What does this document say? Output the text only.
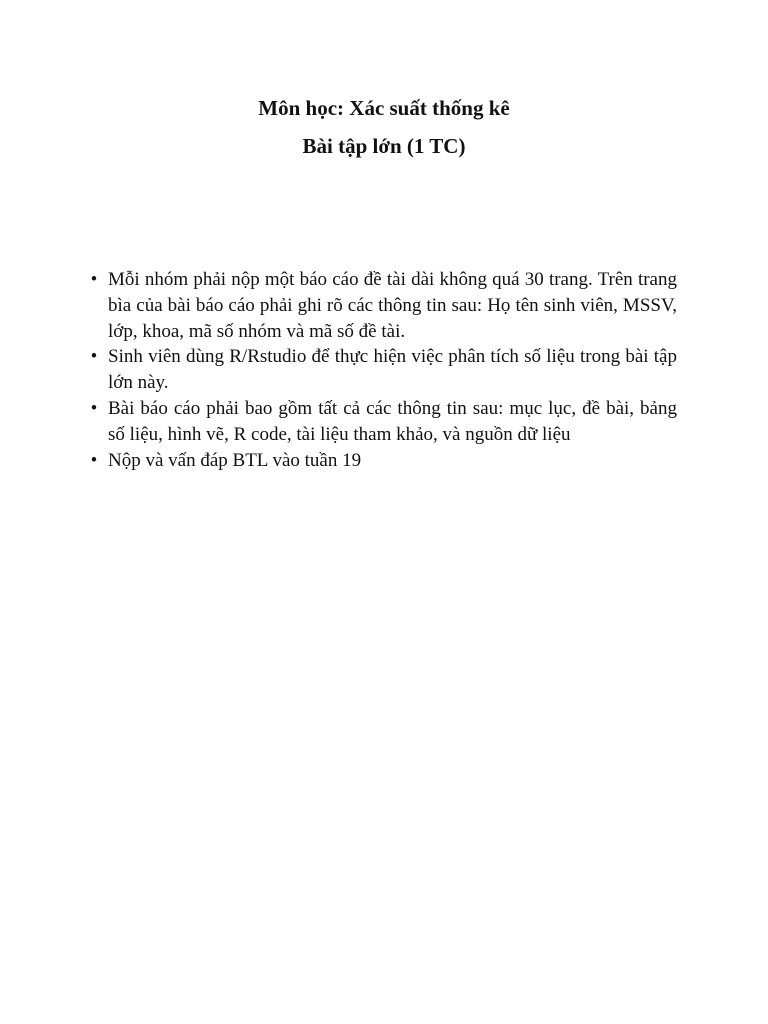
Môn học: Xác suất thống kê
Bài tập lớn (1 TC)
• Mỗi nhóm phải nộp một báo cáo đề tài dài không quá 30 trang. Trên trang bìa của bài báo cáo phải ghi rõ các thông tin sau: Họ tên sinh viên, MSSV, lớp, khoa, mã số nhóm và mã số đề tài.
• Sinh viên dùng R/Rstudio để thực hiện việc phân tích số liệu trong bài tập lớn này.
• Bài báo cáo phải bao gồm tất cả các thông tin sau: mục lục, đề bài, bảng số liệu, hình vẽ, R code, tài liệu tham khảo, và nguồn dữ liệu
• Nộp và vấn đáp BTL vào tuần 19
